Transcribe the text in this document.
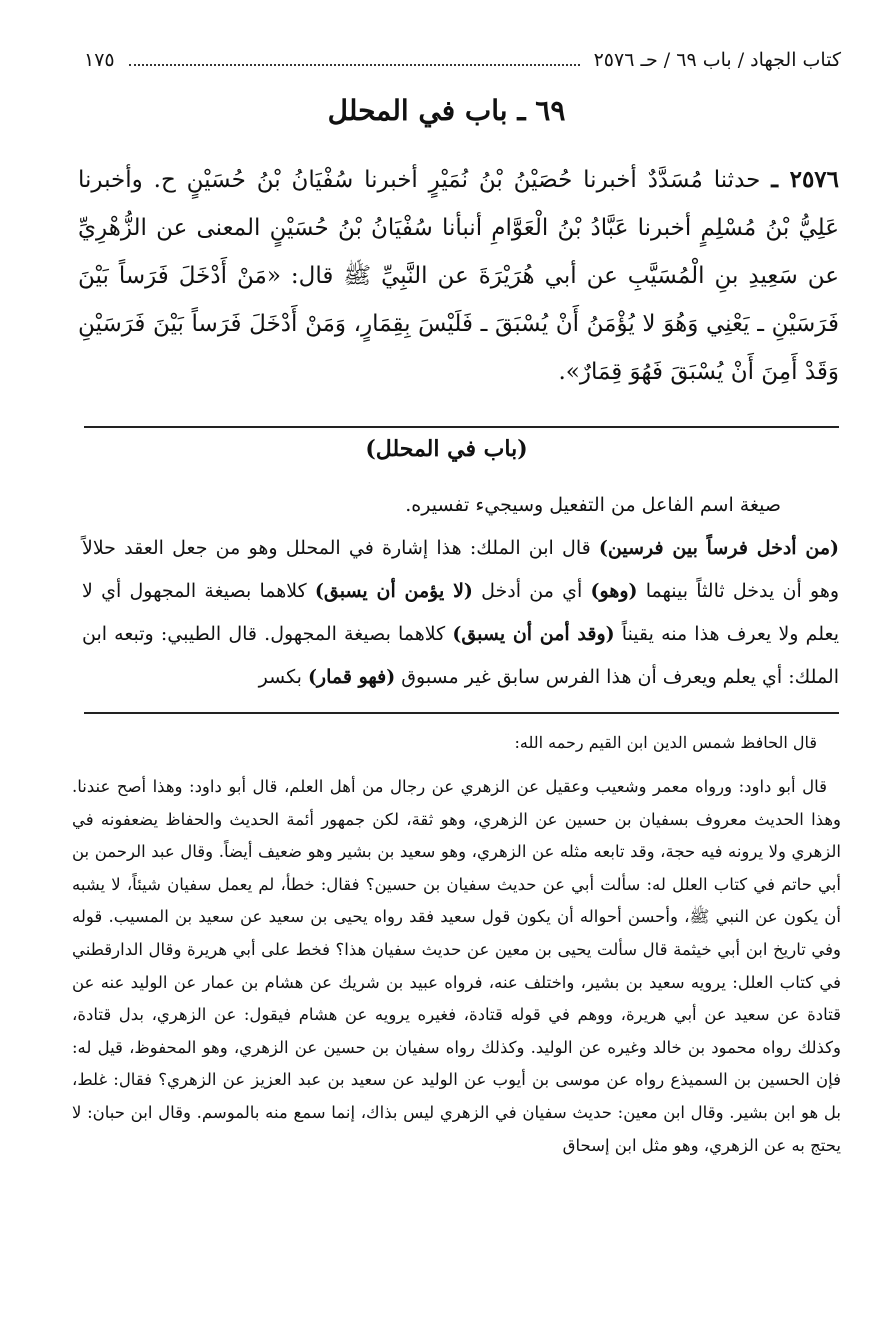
كتاب الجهاد / باب ٦٩ / حـ ٢٥٧٦
١٧٥
٦٩ ـ باب في المحلل
٢٥٧٦ ـ حدثنا مُسَدَّدٌ أخبرنا حُصَيْنُ بْنُ نُمَيْرٍ أخبرنا سُفْيَانُ بْنُ حُسَيْنٍ ح. وأخبرنا عَلِيُّ بْنُ مُسْلِمٍ أخبرنا عَبَّادُ بْنُ الْعَوَّامِ أنبأنا سُفْيَانُ بْنُ حُسَيْنٍ المعنى عن الزُّهْرِيِّ عن سَعِيدِ بنِ الْمُسَيَّبِ عن أبي هُرَيْرَةَ عن النَّبِيِّ ﷺ قال: «مَنْ أَدْخَلَ فَرَساً بَيْنَ فَرَسَيْنِ ـ يَعْنِي وَهُوَ لا يُؤْمَنُ أَنْ يُسْبَقَ ـ فَلَيْسَ بِقِمَارٍ، وَمَنْ أَدْخَلَ فَرَساً بَيْنَ فَرَسَيْنِ وَقَدْ أَمِنَ أَنْ يُسْبَقَ فَهُوَ قِمَارٌ».
(باب في المحلل)

صيغة اسم الفاعل من التفعيل وسيجيء تفسيره.

(من أدخل فرساً بين فرسين) قال ابن الملك: هذا إشارة في المحلل وهو من جعل العقد حلالاً وهو أن يدخل ثالثاً بينهما (وهو) أي من أدخل (لا يؤمن أن يسبق) كلاهما بصيغة المجهول أي لا يعلم ولا يعرف هذا منه يقيناً (وقد أمن أن يسبق) كلاهما بصيغة المجهول. قال الطيبي: وتبعه ابن الملك: أي يعلم ويعرف أن هذا الفرس سابق غير مسبوق (فهو قمار) بكسر

قال الحافظ شمس الدين ابن القيم رحمه الله:

قال أبو داود: ورواه معمر وشعيب وعقيل عن الزهري عن رجال من أهل العلم، قال أبو داود: وهذا أصح عندنا. وهذا الحديث معروف بسفيان بن حسين عن الزهري، وهو ثقة، لكن جمهور أئمة الحديث والحفاظ يضعفونه في الزهري ولا يرونه فيه حجة، وقد تابعه مثله عن الزهري، وهو سعيد بن بشير وهو ضعيف أيضاً. وقال عبد الرحمن بن أبي حاتم في كتاب العلل له: سألت أبي عن حديث سفيان بن حسين؟ فقال: خطأ، لم يعمل سفيان شيئاً، لا يشبه أن يكون عن النبي ﷺ، وأحسن أحواله أن يكون قول سعيد فقد رواه يحيى بن سعيد عن سعيد بن المسيب. قوله وفي تاريخ ابن أبي خيثمة قال سألت يحيى بن معين عن حديث سفيان هذا؟ فخط على أبي هريرة وقال الدارقطني في كتاب العلل: يرويه سعيد بن بشير، واختلف عنه، فرواه عبيد بن شريك عن هشام بن عمار عن الوليد عنه عن قتادة عن سعيد عن أبي هريرة، ووهم في قوله قتادة، فغيره يرويه عن هشام فيقول: عن الزهري، بدل قتادة، وكذلك رواه محمود بن خالد وغيره عن الوليد. وكذلك رواه سفيان بن حسين عن الزهري، وهو المحفوظ، قيل له: فإن الحسين بن السميذع رواه عن موسى بن أيوب عن الوليد عن سعيد بن عبد العزيز عن الزهري؟ فقال: غلط، بل هو ابن بشير. وقال ابن معين: حديث سفيان في الزهري ليس بذاك، إنما سمع منه بالموسم. وقال ابن حبان: لا يحتج به عن الزهري، وهو مثل ابن إسحاق
